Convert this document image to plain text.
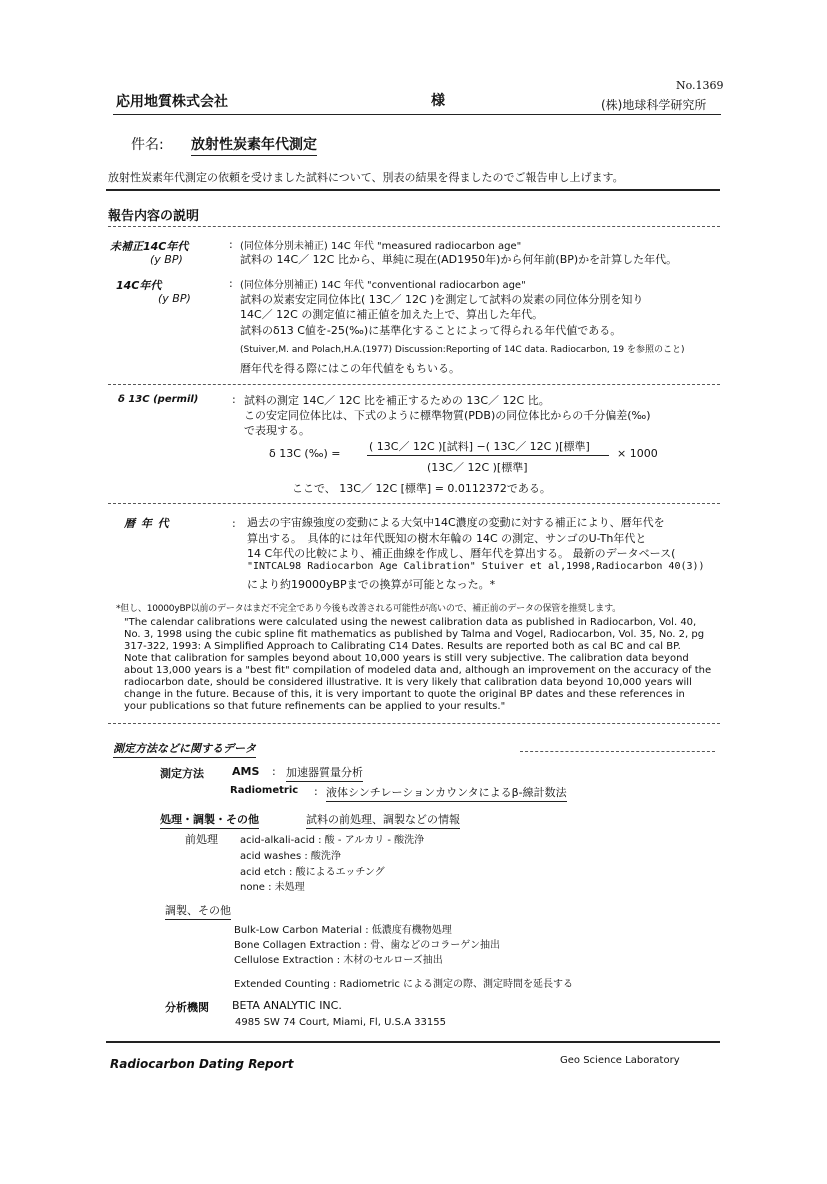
No.1369
応用地質株式会社	様	(株)地球科学研究所
件名: 放射性炭素年代測定
放射性炭素年代測定の依頼を受けました試料について、別表の結果を得ましたのでご報告申し上げます。
報告内容の説明
未補正14C年代
(y BP)
: (同位体分別未補正) 14C 年代 "measured radiocarbon age"
試料の 14C／ 12C 比から、単純に現在(AD1950年)から何年前(BP)かを計算した年代。
14C年代
(y BP)
: (同位体分別補正) 14C 年代 "conventional radiocarbon age"
試料の炭素安定同位体比( 13C／ 12C )を測定して試料の炭素の同位体分別を知り
14C／ 12C の測定値に補正値を加えた上で、算出した年代。
試料のδ13 C値を-25(‰)に基準化することによって得られる年代値である。
(Stuiver,M. and Polach,H.A.(1977) Discussion:Reporting of 14C data. Radiocarbon, 19 を参照のこと)
暦年代を得る際にはこの年代値をもちいる。
δ 13C (permil)	: 試料の測定 14C／ 12C 比を補正するための 13C／ 12C 比。
この安定同位体比は、下式のように標準物質(PDB)の同位体比からの千分偏差(‰)
で表現する。
δ 13C (‰) =
( 13C／ 12C )[試料] −( 13C／ 12C )[標準]
(13C／ 12C )[標準]
× 1000
ここで、 13C／ 12C [標準] = 0.0112372である。
暦 年 代	: 過去の宇宙線強度の変動による大気中14C濃度の変動に対する補正により、暦年代を
算出する。　具体的には年代既知の樹木年輪の 14C の測定、サンゴのU-Th年代と
14 C年代の比較により、補正曲線を作成し、暦年代を算出する。 最新のデータベース(
"INTCAL98 Radiocarbon Age Calibration" Stuiver et al,1998,Radiocarbon 40(3))
により約19000yBPまでの換算が可能となった。*
*但し、10000yBP以前のデータはまだ不完全であり今後も改善される可能性が高いので、補正前のデータの保管を推奨します。
"The calendar calibrations were calculated using the newest calibration data as published in Radiocarbon, Vol. 40,
No. 3, 1998 using the cubic spline fit mathematics as published by Talma and Vogel, Radiocarbon, Vol. 35, No. 2, pg
317-322, 1993: A Simplified Approach to Calibrating C14 Dates. Results are reported both as cal BC and cal BP.
Note that calibration for samples beyond about 10,000 years is still very subjective. The calibration data beyond
about 13,000 years is a "best fit" compilation of modeled data and, although an improvement on the accuracy of the
radiocarbon date, should be considered illustrative. It is very likely that calibration data beyond 10,000 years will
change in the future. Because of this, it is very important to quote the original BP dates and these references in
your publications so that future refinements can be applied to your results."
測定方法などに関するデータ
測定方法	AMS : 加速器質量分析
Radiometric : 液体シンチレーションカウンタによるβ-線計数法
処理・調製・その他	試料の前処理、調製などの情報
前処理 acid-alkali-acid : 酸 - アルカリ - 酸洗浄
acid washes : 酸洗浄
acid etch : 酸によるエッチング
none : 未処理
調製、その他
Bulk-Low Carbon Material : 低濃度有機物処理
Bone Collagen Extraction : 骨、歯などのコラーゲン抽出
Cellulose Extraction : 木材のセルローズ抽出
Extended Counting : Radiometric による測定の際、測定時間を延長する
分析機関 BETA ANALYTIC INC.
4985 SW 74 Court, Miami, Fl, U.S.A 33155
Radiocarbon Dating Report	Geo Science Laboratory
